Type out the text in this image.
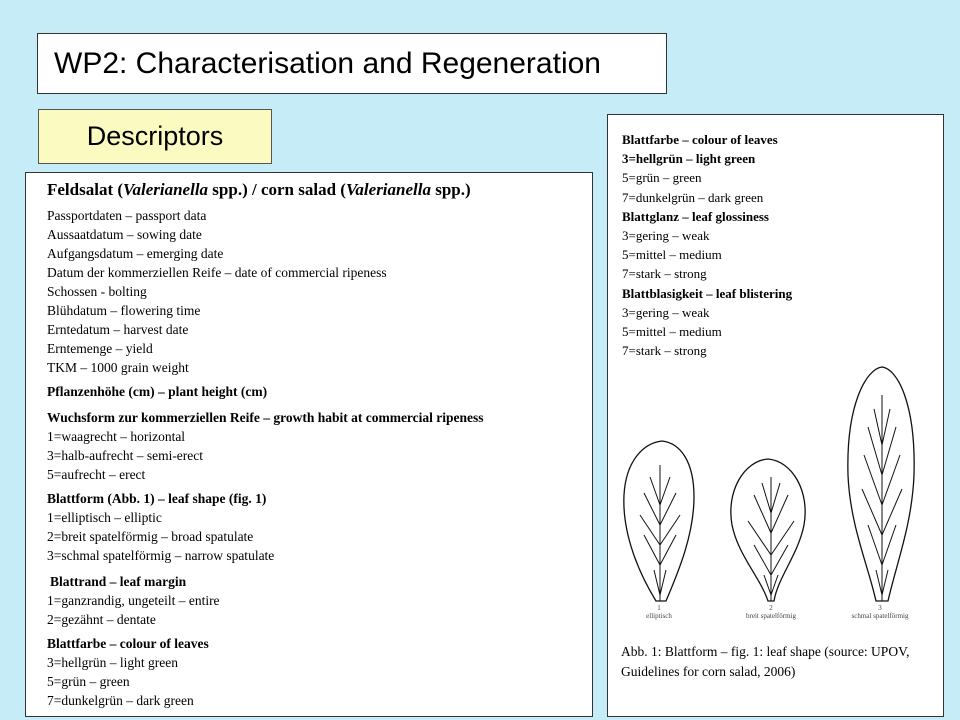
WP2: Characterisation and Regeneration
Descriptors
Feldsalat (Valerianella spp.) / corn salad (Valerianella spp.)
Passportdaten – passport data
Aussaatdatum – sowing date
Aufgangsdatum – emerging date
Datum der kommerziellen Reife – date of commercial ripeness
Schossen - bolting
Blühdatum – flowering time
Erntedatum – harvest date
Erntemenge – yield
TKM – 1000 grain weight
Pflanzenhöhe (cm) – plant height (cm)
Wuchsform zur kommerziellen Reife – growth habit at commercial ripeness
1=waagrecht – horizontal
3=halb-aufrecht – semi-erect
5=aufrecht – erect
Blattform (Abb. 1) – leaf shape (fig. 1)
1=elliptisch – elliptic
2=breit spatelförmig – broad spatulate
3=schmal spatelförmig – narrow spatulate
Blattrand – leaf margin
1=ganzrandig, ungeteilt – entire
2=gezähnt – dentate
Blattfarbe – colour of leaves
3=hellgrün – light green
5=grün – green
7=dunkelgrün – dark green
Blattfarbe – colour of leaves
3=hellgrün – light green
5=grün – green
7=dunkelgrün – dark green
Blattglanz – leaf glossiness
3=gering – weak
5=mittel – medium
7=stark – strong
Blattblasigkeit – leaf blistering
3=gering – weak
5=mittel – medium
7=stark – strong
1
elliptisch
2
breit spatelförmig
3
schmal spatelförmig
Abb. 1: Blattform – fig. 1: leaf shape (source: UPOV, Guidelines for corn salad, 2006)
